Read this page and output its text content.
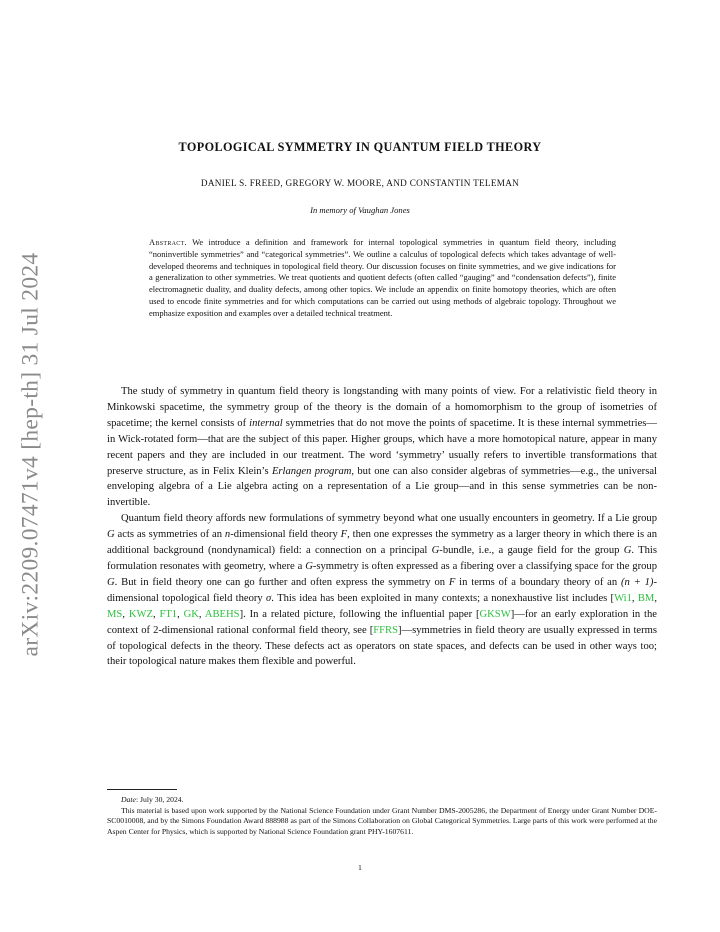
arXiv:2209.07471v4 [hep-th] 31 Jul 2024
TOPOLOGICAL SYMMETRY IN QUANTUM FIELD THEORY
DANIEL S. FREED, GREGORY W. MOORE, AND CONSTANTIN TELEMAN
In memory of Vaughan Jones
Abstract. We introduce a definition and framework for internal topological symmetries in quantum field theory, including “noninvertible symmetries” and “categorical symmetries”. We outline a calculus of topological defects which takes advantage of well-developed theorems and techniques in topological field theory. Our discussion focuses on finite symmetries, and we give indications for a generalization to other symmetries. We treat quotients and quotient defects (often called “gauging” and “condensation defects”), finite electromagnetic duality, and duality defects, among other topics. We include an appendix on finite homotopy theories, which are often used to encode finite symmetries and for which computations can be carried out using methods of algebraic topology. Throughout we emphasize exposition and examples over a detailed technical treatment.

The study of symmetry in quantum field theory is longstanding with many points of view. For a relativistic field theory in Minkowski spacetime, the symmetry group of the theory is the domain of a homomorphism to the group of isometries of spacetime; the kernel consists of internal symmetries that do not move the points of spacetime. It is these internal symmetries—in Wick-rotated form—that are the subject of this paper. Higher groups, which have a more homotopical nature, appear in many recent papers and they are included in our treatment. The word ‘symmetry’ usually refers to invertible transformations that preserve structure, as in Felix Klein’s Erlangen program, but one can also consider algebras of symmetries—e.g., the universal enveloping algebra of a Lie algebra acting on a representation of a Lie group—and in this sense symmetries can be non-invertible.

Quantum field theory affords new formulations of symmetry beyond what one usually encounters in geometry. If a Lie group G acts as symmetries of an n-dimensional field theory F, then one expresses the symmetry as a larger theory in which there is an additional background (nondynamical) field: a connection on a principal G-bundle, i.e., a gauge field for the group G. This formulation resonates with geometry, where a G-symmetry is often expressed as a fibering over a classifying space for the group G. But in field theory one can go further and often express the symmetry on F in terms of a boundary theory of an (n + 1)-dimensional topological field theory σ. This idea has been exploited in many contexts; a nonexhaustive list includes [Wi1, BM, MS, KWZ, FT1, GK, ABEHS]. In a related picture, following the influential paper [GKSW]—for an early exploration in the context of 2-dimensional rational conformal field theory, see [FFRS]—symmetries in field theory are usually expressed in terms of topological defects in the theory. These defects act as operators on state spaces, and defects can be used in other ways too; their topological nature makes them flexible and powerful.

Date: July 30, 2024.

This material is based upon work supported by the National Science Foundation under Grant Number DMS-2005286, the Department of Energy under Grant Number DOE-SC0010008, and by the Simons Foundation Award 888988 as part of the Simons Collaboration on Global Categorical Symmetries. Large parts of this work were performed at the Aspen Center for Physics, which is supported by National Science Foundation grant PHY-1607611.

1
